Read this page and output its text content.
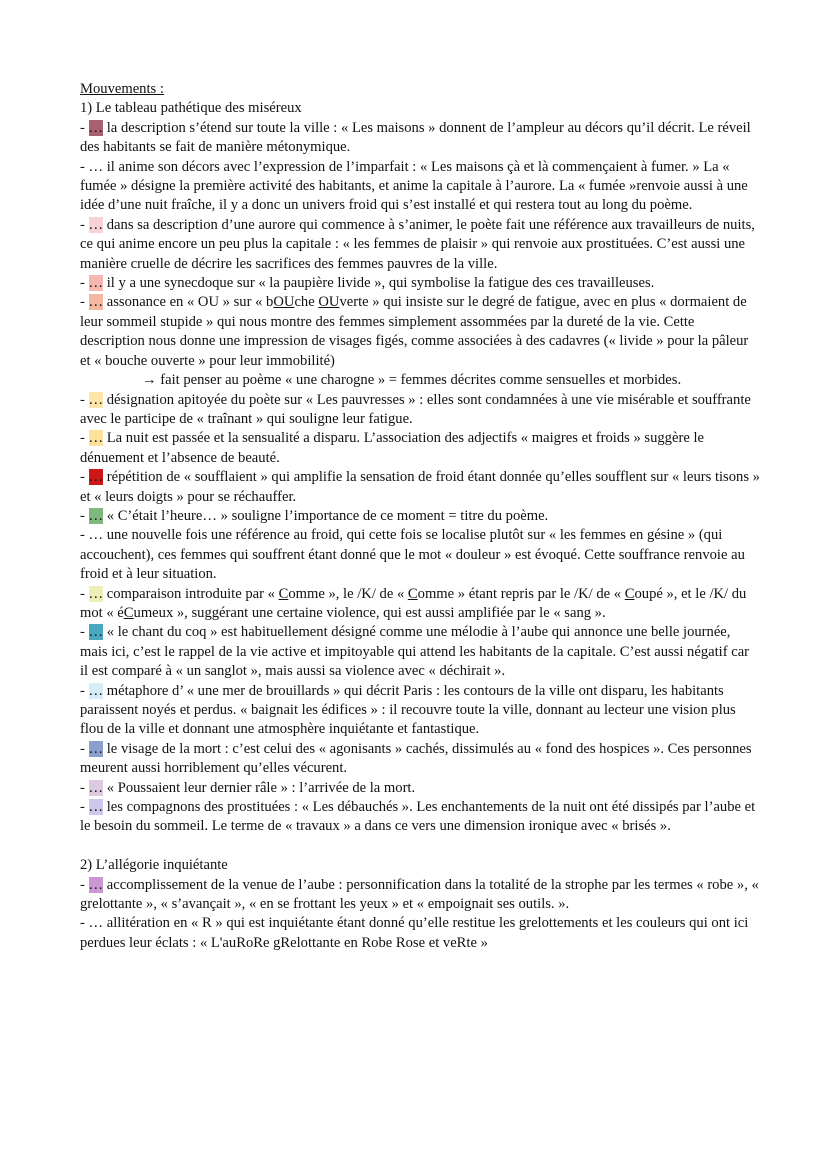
Mouvements :

1) Le tableau pathétique des miséreux

- … la description s’étend sur toute la ville : « Les maisons » donnent de l’ampleur au décors qu’il décrit. Le réveil des habitants se fait de manière métonymique.

- … il anime son décors avec l’expression de l’imparfait : « Les maisons çà et là commençaient à fumer. » La « fumée » désigne la première activité des habitants, et anime la capitale à l’aurore. La « fumée »renvoie aussi à une idée d’une nuit fraîche, il y a donc un univers froid qui s’est installé et qui restera tout au long du poème.

- … dans sa description d’une aurore qui commence à s’animer, le poète fait une référence aux travailleurs de nuits, ce qui anime encore un peu plus la capitale : « les femmes de plaisir » qui renvoie aux prostituées. C’est aussi une manière cruelle de décrire les sacrifices des femmes pauvres de la ville.

- … il y a une synecdoque sur « la paupière livide », qui symbolise la fatigue des ces travailleuses.

- … assonance en « OU » sur « bOUche OUverte » qui insiste sur le degré de fatigue, avec en plus « dormaient de leur sommeil stupide » qui nous montre des femmes simplement assommées par la dureté de la vie. Cette description nous donne une impression de visages figés, comme associées à des cadavres (« livide » pour la pâleur et « bouche ouverte » pour leur immobilité)

→ fait penser au poème « une charogne » = femmes décrites comme sensuelles et morbides.

- … désignation apitoyée du poète sur « Les pauvresses » : elles sont condamnées à une vie misérable et souffrante avec le participe de « traînant » qui souligne leur fatigue.

- … La nuit est passée et la sensualité a disparu. L’association des adjectifs « maigres et froids » suggère le dénuement et l’absence de beauté.

- … répétition de « soufflaient » qui amplifie la sensation de froid étant donnée qu’elles soufflent sur « leurs tisons » et « leurs doigts » pour se réchauffer.

- … « C’était l’heure… » souligne l’importance de ce moment = titre du poème.

- … une nouvelle fois une référence au froid, qui cette fois se localise plutôt sur « les femmes en gésine » (qui accouchent), ces femmes qui souffrent étant donné que le mot « douleur » est évoqué. Cette souffrance renvoie au froid et à leur situation.

- … comparaison introduite par « Comme », le /K/ de « Comme » étant repris par le /K/ de « Coupé », et le /K/ du mot « éCumeux », suggérant une certaine violence, qui est aussi amplifiée par le « sang ».

- … « le chant du coq » est habituellement désigné comme une mélodie à l’aube qui annonce une belle journée, mais ici, c’est le rappel de la vie active et impitoyable qui attend les habitants de la capitale. C’est aussi négatif car il est comparé à « un sanglot », mais aussi sa violence avec « déchirait ».

- … métaphore d’ « une mer de brouillards » qui décrit Paris : les contours de la ville ont disparu, les habitants paraissent noyés et perdus. « baignait les édifices » : il recouvre toute la ville, donnant au lecteur une vision plus flou de la ville et donnant une atmosphère inquiétante et fantastique.

- … le visage de la mort : c’est celui des « agonisants » cachés, dissimulés au « fond des hospices ». Ces personnes meurent aussi horriblement qu’elles vécurent.

- … « Poussaient leur dernier râle » : l’arrivée de la mort.

- … les compagnons des prostituées : « Les débauchés ». Les enchantements de la nuit ont été dissipés par l’aube et le besoin du sommeil. Le terme de « travaux » a dans ce vers une dimension ironique avec « brisés ».

2) L’allégorie inquiétante

- … accomplissement de la venue de l’aube : personnification dans la totalité de la strophe par les termes « robe », « grelottante », « s’avançait », « en se frottant les yeux » et « empoignait ses outils. ».

- … allitération en « R » qui est inquiétante étant donné qu’elle restitue les grelottements et les couleurs qui ont ici perdues leur éclats : « L'auRoRe gRelottante en Robe Rose et veRte »
